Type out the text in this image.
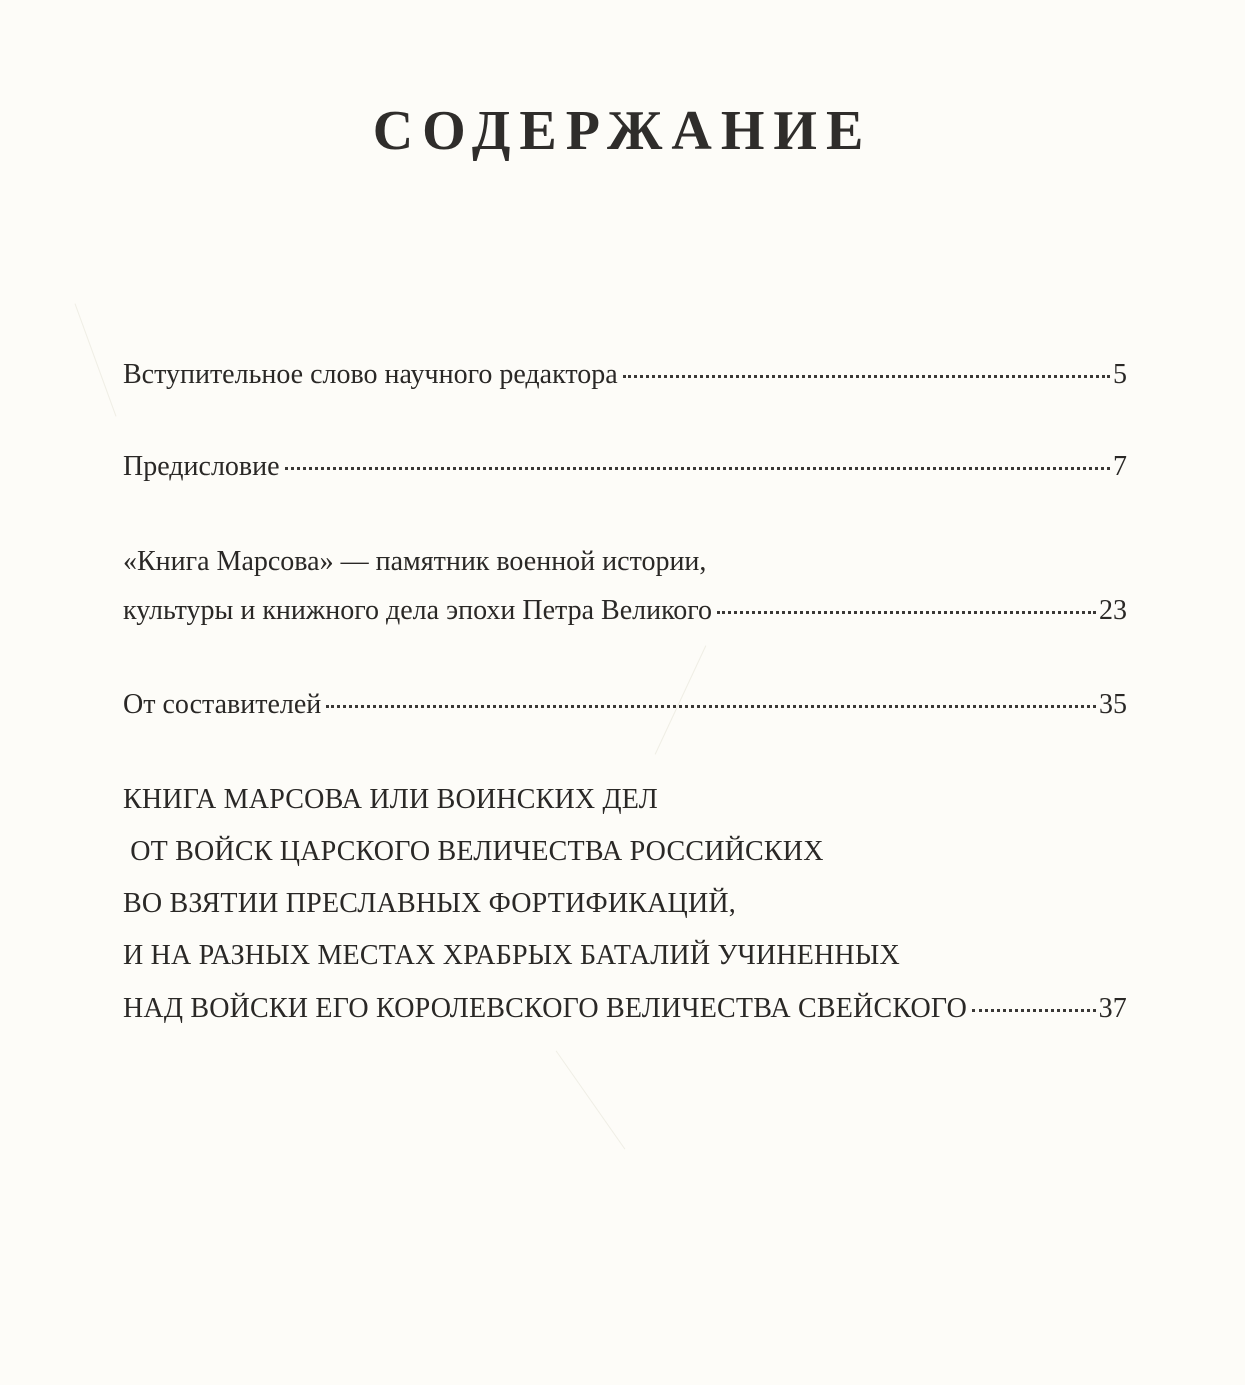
СОДЕРЖАНИЕ
Вступительное слово научного редактора	5
Предисловие	7
«Книга Марсова» — памятник военной истории,
культуры и книжного дела эпохи Петра Великого	23
От составителей	35
КНИГА МАРСОВА ИЛИ ВОИНСКИХ ДЕЛ
ОТ ВОЙСК ЦАРСКОГО ВЕЛИЧЕСТВА РОССИЙСКИХ
ВО ВЗЯТИИ ПРЕСЛАВНЫХ ФОРТИФИКАЦИЙ,
И НА РАЗНЫХ МЕСТАХ ХРАБРЫХ БАТАЛИЙ УЧИНЕННЫХ
НАД ВОЙСКИ ЕГО КОРОЛЕВСКОГО ВЕЛИЧЕСТВА СВЕЙСКОГО	37
